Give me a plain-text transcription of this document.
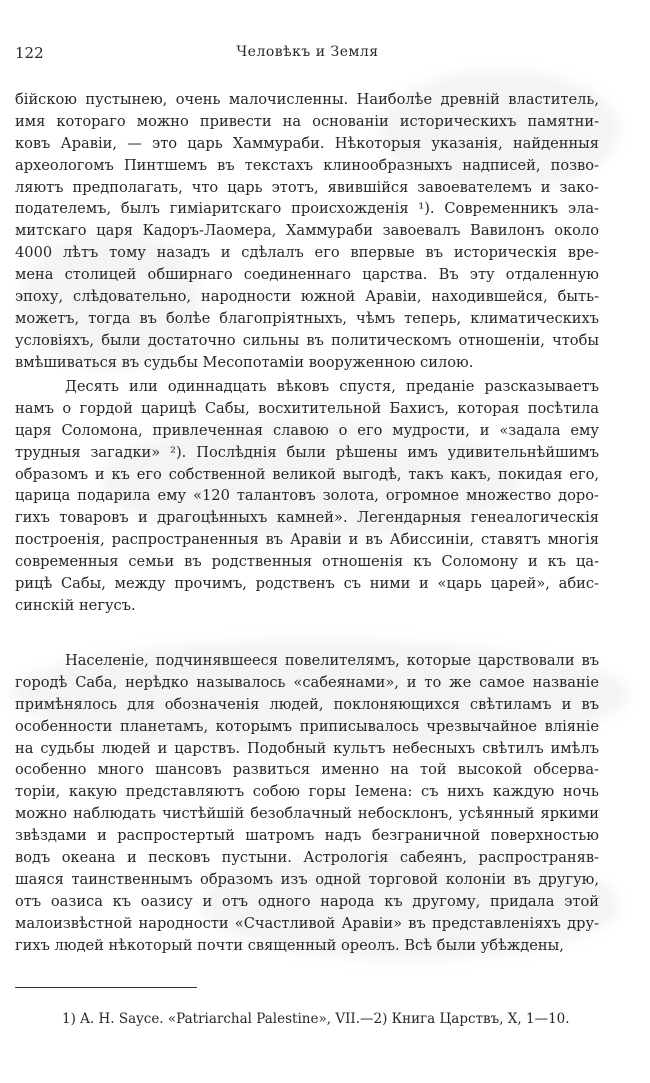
122	Человѣкъ и Земля
бійскою пустынею, очень малочисленны. Наиболѣе древній властитель,
имя котораго можно привести на основаніи историческихъ памятни-
ковъ Аравіи, — это царь Хаммураби. Нѣкоторыя указанія, найденныя
археологомъ Пинтшемъ въ текстахъ клинообразныхъ надписей, позво-
ляютъ предполагать, что царь этотъ, явившійся завоевателемъ и зако-
подателемъ, былъ гиміаритскаго происхожденія ¹). Современникъ эла-
митскаго царя Кадоръ-Лаомера, Хаммураби завоевалъ Вавилонъ около
4000 лѣтъ тому назадъ и сдѣлалъ его впервые въ историческія вре-
мена столицей обширнаго соединеннаго царства. Въ эту отдаленную
эпоху, слѣдовательно, народности южной Аравіи, находившейся, быть-
можетъ, тогда въ болѣе благопріятныхъ, чѣмъ теперь, климатическихъ
условіяхъ, были достаточно сильны въ политическомъ отношеніи, чтобы
вмѣшиваться въ судьбы Месопотаміи вооруженною силою.
Десять или одиннадцать вѣковъ спустя, преданіе разсказываетъ
намъ о гордой царицѣ Сабы, восхитительной Бахисъ, которая посѣтила
царя Соломона, привлеченная славою о его мудрости, и «задала ему
трудныя загадки» ²). Послѣднія были рѣшены имъ удивительнѣйшимъ
образомъ и къ его собственной великой выгодѣ, такъ какъ, покидая его,
царица подарила ему «120 талантовъ золота, огромное множество доро-
гихъ товаровъ и драгоцѣнныхъ камней». Легендарныя генеалогическія
построенія, распространенныя въ Аравіи и въ Абиссиніи, ставятъ многія
современныя семьи въ родственныя отношенія къ Соломону и къ ца-
рицѣ Сабы, между прочимъ, родственъ съ ними и «царь царей», абис-
синскій негусъ.
Населеніе, подчинявшееся повелителямъ, которые царствовали въ
городѣ Саба, нерѣдко называлось «сабеянами», и то же самое названіе
примѣнялось для обозначенія людей, поклоняющихся свѣтиламъ и въ
особенности планетамъ, которымъ приписывалось чрезвычайное вліяніе
на судьбы людей и царствъ. Подобный культъ небесныхъ свѣтилъ имѣлъ
особенно много шансовъ развиться именно на той высокой обсерва-
торіи, какую представляютъ собою горы Іемена: съ нихъ каждую ночь
можно наблюдать чистѣйшій безоблачный небосклонъ, усѣянный яркими
звѣздами и распростертый шатромъ надъ безграничной поверхностью
водъ океана и песковъ пустыни. Астрологія сабеянъ, распространяв-
шаяся таинственнымъ образомъ изъ одной торговой колоніи въ другую,
отъ оазиса къ оазису и отъ одного народа къ другому, придала этой
малоизвѣстной народности «Счастливой Аравіи» въ представленіяхъ дру-
гихъ людей нѣкоторый почти священный ореолъ. Всѣ были убѣждены,
1) A. H. Sayce. «Patriarchal Palestine», VII.—2) Книга Царствъ, X, 1—10.
